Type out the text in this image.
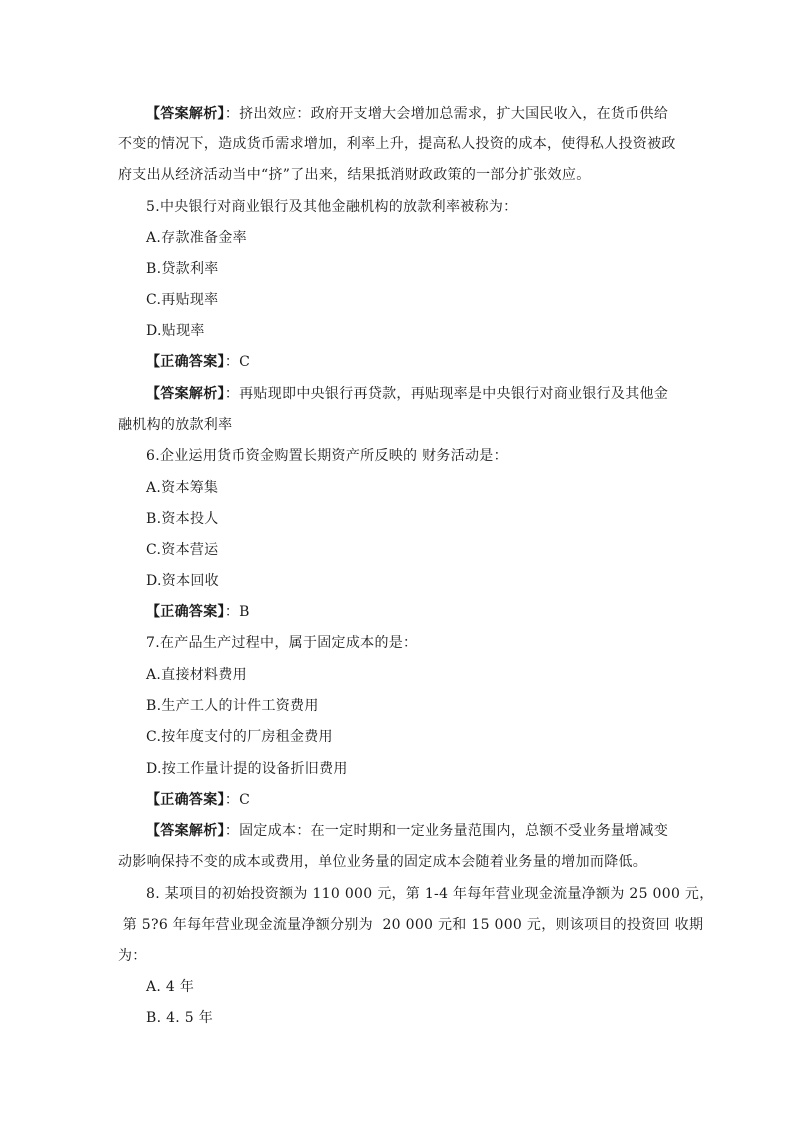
【答案解析】：挤出效应：政府开支增大会增加总需求，扩大国民收入，在货币供给
不变的情况下，造成货币需求增加，利率上升，提高私人投资的成本，使得私人投资被政
府支出从经济活动当中“挤”了出来，结果抵消财政政策的一部分扩张效应。
5.中央银行对商业银行及其他金融机构的放款利率被称为：
A.存款准备金率
B.贷款利率
C.再贴现率
D.贴现率
【正确答案】：C
【答案解析】：再贴现即中央银行再贷款，再贴现率是中央银行对商业银行及其他金
融机构的放款利率
6.企业运用货币资金购置长期资产所反映的 财务活动是：
A.资本筹集
B.资本投人
C.资本营运
D.资本回收
【正确答案】：B
7.在产品生产过程中，属于固定成本的是：
A.直接材料费用
B.生产工人的计件工资费用
C.按年度支付的厂房租金费用
D.按工作量计提的设备折旧费用
【正确答案】：C
【答案解析】：固定成本：在一定时期和一定业务量范围内，总额不受业务量增减变
动影响保持不变的成本或费用，单位业务量的固定成本会随着业务量的增加而降低。
8. 某项目的初始投资额为 110 000 元，第 1-4 年每年营业现金流量净额为 25 000 元，
第 5?6 年每年营业现金流量净额分别为  20 000 元和 15 000 元，则该项目的投资回 收期
为：
A. 4 年
B. 4. 5 年
